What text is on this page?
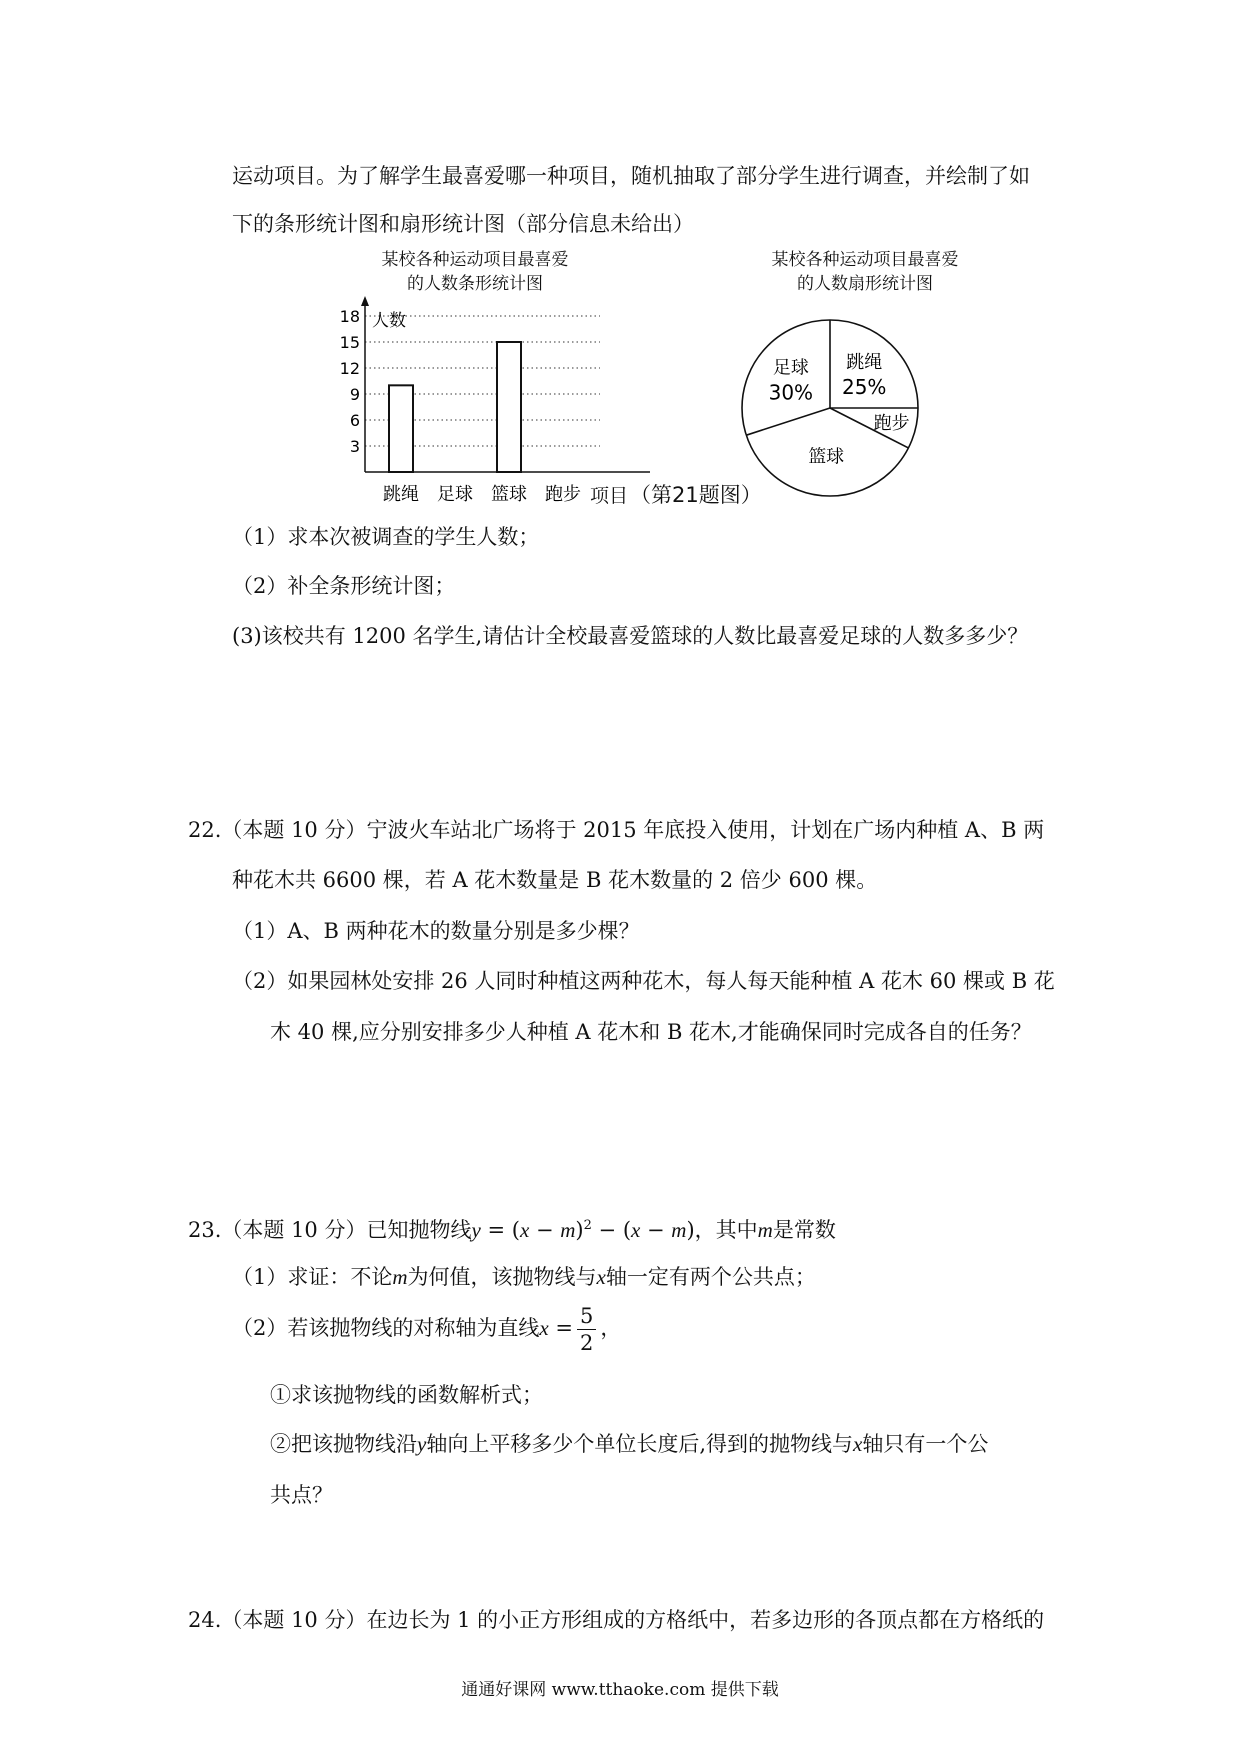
运动项目。为了解学生最喜爱哪一种项目，随机抽取了部分学生进行调查，并绘制了如
下的条形统计图和扇形统计图（部分信息未给出）
某校各种运动项目最喜爱
的人数条形统计图
某校各种运动项目最喜爱
的人数扇形统计图
人数
3
6
9
12
15
18
跳绳 足球 篮球 跑步 项目 （第21题图）
跳绳
25%
跑步
篮球
足球
30%
（1）求本次被调查的学生人数；
（2）补全条形统计图；
(3)该校共有 1200 名学生,请估计全校最喜爱篮球的人数比最喜爱足球的人数多多少？
22.（本题 10 分）宁波火车站北广场将于 2015 年底投入使用，计划在广场内种植 A、B 两
种花木共 6600 棵，若 A 花木数量是 B 花木数量的 2 倍少 600 棵。
（1）A、B 两种花木的数量分别是多少棵？
（2）如果园林处安排 26 人同时种植这两种花木，每人每天能种植 A 花木 60 棵或 B 花
木 40 棵,应分别安排多少人种植 A 花木和 B 花木,才能确保同时完成各自的任务？
23.（本题 10 分）已知抛物线$y = (x - m)^2 - (x - m)$，其中m是常数
（1）求证：不论m为何值，该抛物线与x轴一定有两个公共点；
（2）若该抛物线的对称轴为直线$x = \frac{5}{2}$ ，
①求该抛物线的函数解析式；
②把该抛物线沿y轴向上平移多少个单位长度后,得到的抛物线与x轴只有一个公
共点？
24.（本题 10 分）在边长为 1 的小正方形组成的方格纸中，若多边形的各顶点都在方格纸的
通通好课网 www.tthaoke.com 提供下载
